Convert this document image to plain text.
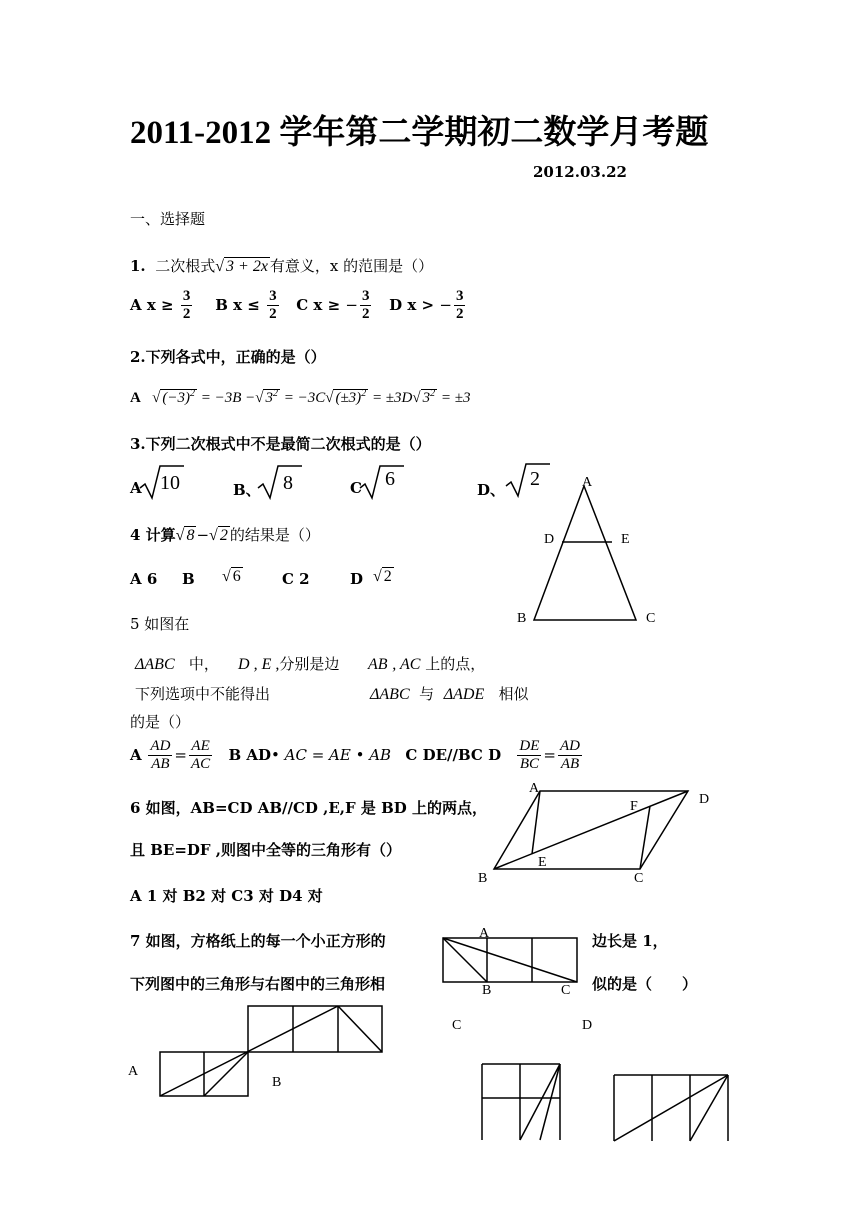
2011-2012 学年第二学期初二数学月考题
2012.03.22
一、选择题
1. 二次根式√ 3 + 2x 有意义，x 的范围是（）
A $x \ge \frac{3}{2}$ B $x \le \frac{3}{2}$ C x ≥ − $\frac{3}{2}$ D x > − $\frac{3}{2}$
2.下列各式中，正确的是（）
A   √ $(-3)^2 = -3B$ −√ $3^2 = -3C√$ $(\pm 3)^2 = \pm 3D√$ $3^2 = \pm 3$
3.下列二次根式中不是最简二次根式的是（）
A 10	B、 8	C 6	D、 2	A
D	E
B	C
4 计算√ 8 −√ 2 的结果是（）
A 6 B √ 6	C 2	D √ 2
5 如图在
ΔABC 中， D , E ,分别是边 AB , AC 上的点，
下列选项中不能得出	ΔABC 与 ΔADE 相似
的是（）
A $\frac{AD}{AB} = \frac{AE}{AC}$ B AD• AC = AE • AB C DE//BC D $\frac{DE}{BC} = \frac{AD}{AB}$
6 如图，AB=CD AB//CD ,E,F 是 BD 上的两点，
且 BE=DF ,则图中全等的三角形有（）
A 1 对 B2 对 C3 对 D4 对
A
D
F
E
B	C
7 如图，方格纸上的每一个小正方形的	边长是 1，
下列图中的三角形与右图中的三角形相	似的是（　　）
A
B	C
A
B
C	D
